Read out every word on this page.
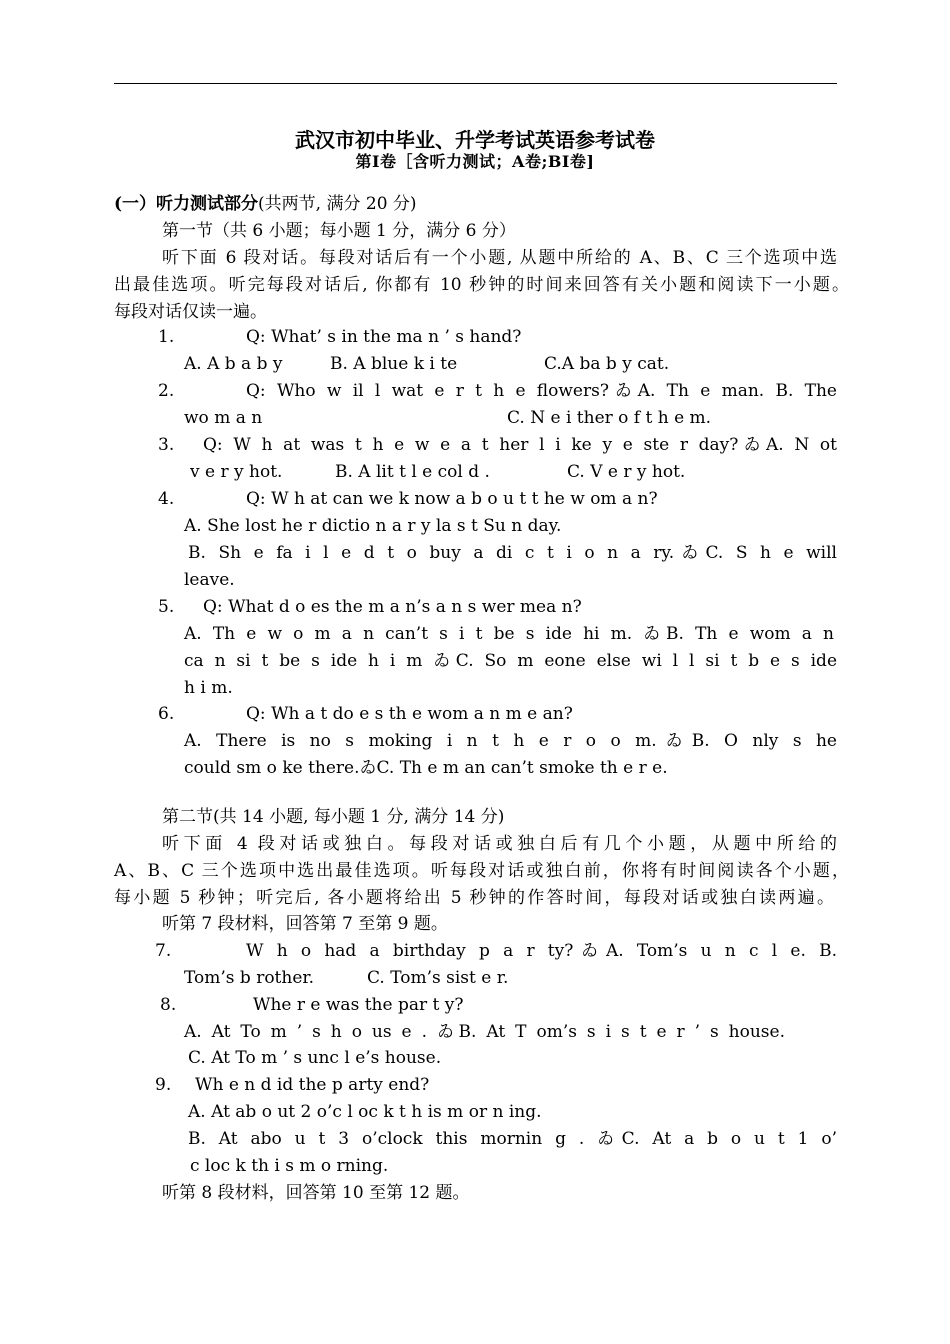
武汉市初中毕业、升学考试英语参考试卷
第Ⅰ卷［含听力测试；A卷;BⅠ卷]
(一）听力测试部分(共两节, 满分 20 分)
第一节（共 6 小题；每小题 1 分，满分 6 分）
听下面 6 段对话。每段对话后有一个小题, 从题中所给的 A、B、C 三个选项中选
出最佳选项。听完每段对话后, 你都有 10 秒钟的时间来回答有关小题和阅读下一小题。
每段对话仅读一遍。
1.	Q: What’ s in the ma n ’ s hand?
A. A b a b y	B. A blue k i te	C.A ba b y cat.
2.	Q: Who w il l wat e r t h e flowers?ゐA. Th e man. B. The
wo m a n	C. N e i ther o f t h e m.
3. Q: W h at was t h e w e a t her l i ke y e ste r day?ゐA. N ot
v e r y hot.	B. A lit t l e col d .	C. V e r y hot.
4.	Q: W h at can we k now a b o u t t he w om a n?
A. She lost he r dictio n a r y la s t Su n day.
B. Sh e fa i l e d t o buy a di c t i o n a ry.ゐC. S h e will
leave.
5. Q: What d o es the m a n’s a n s wer mea n?
A. Th e w o m a n can’t s i t be s ide hi m. ゐB. Th e wom a n
ca n si t be s ide h i m ゐC. So m eone else wi l l si t b e s ide
h i m.
6.	Q: Wh a t do e s th e wom a n m e an?
A. There is no s moking i n t h e r o o m.ゐB. O nly s he
could sm o ke there.ゐC. Th e m an can’t smoke th e r e.
第二节(共 14 小题, 每小题 1 分, 满分 14 分)
听下面 4 段对话或独白。每段对话或独白后有几个小题，从题中所给的
A、B、C 三个选项中选出最佳选项。听每段对话或独白前，你将有时间阅读各个小题，
每小题 5 秒钟；听完后, 各小题将给出 5 秒钟的作答时间，每段对话或独白读两遍。
听第 7 段材料，回答第 7 至第 9 题。
7.	W h o had a birthday p a r ty?ゐA. Tom’s u n c l e. B.
Tom’s b rother.	C. Tom’s sist e r.
8.	Whe r e was the par t y?
A. At To m ’ s h o us e . ゐB. At T om’s s i s t e r ’ s house.
C. At To m ’ s unc l e’s house.
9. Wh e n d id the p arty end?
A. At ab o ut 2 o’c l oc k t h is m or n ing.
B. At abo u t 3 o’clock this mornin g . ゐC. At a b o u t 1 o’
c loc k th i s m o rning.
听第 8 段材料，回答第 10 至第 12 题。
